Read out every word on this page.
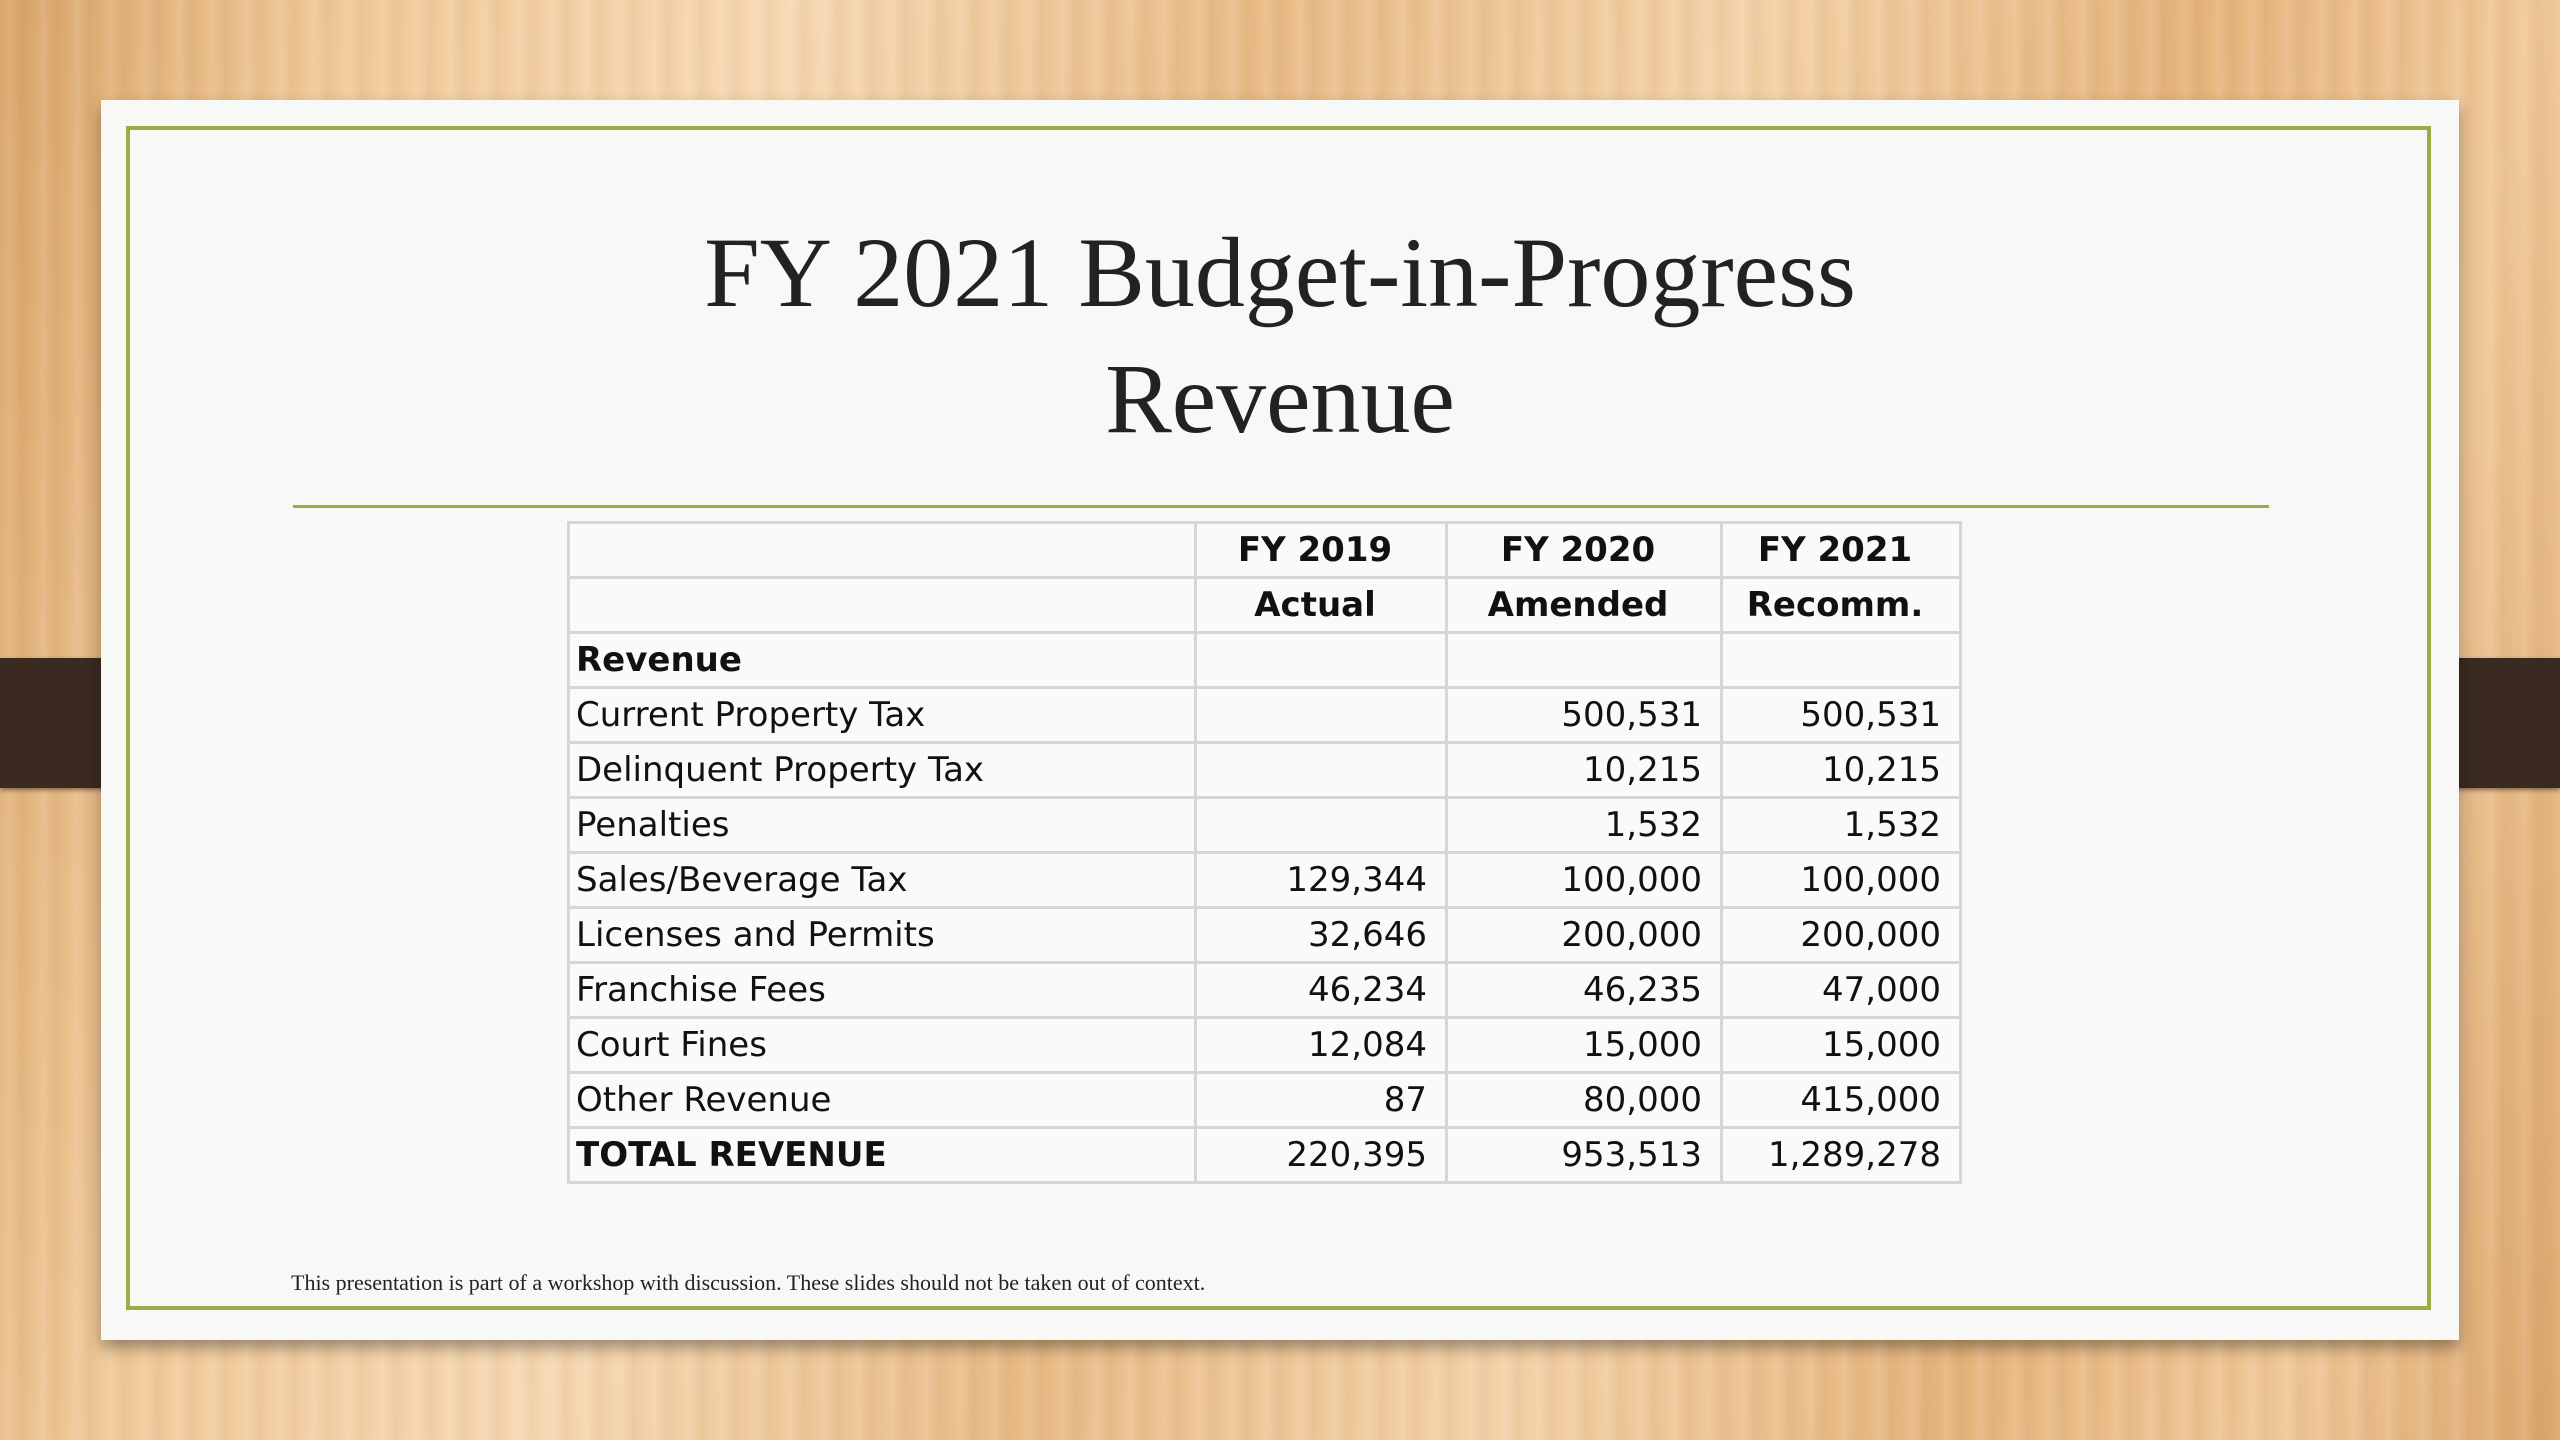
FY 2021 Budget-in-Progress
Revenue
	FY 2019	FY 2020	FY 2021
	Actual	Amended	Recomm.
Revenue			
Current Property Tax		500,531	500,531
Delinquent Property Tax		10,215	10,215
Penalties		1,532	1,532
Sales/Beverage Tax	129,344	100,000	100,000
Licenses and Permits	32,646	200,000	200,000
Franchise Fees	46,234	46,235	47,000
Court Fines	12,084	15,000	15,000
Other Revenue	87	80,000	415,000
TOTAL REVENUE	220,395	953,513	1,289,278
This presentation is part of a workshop with discussion. These slides should not be taken out of context.
